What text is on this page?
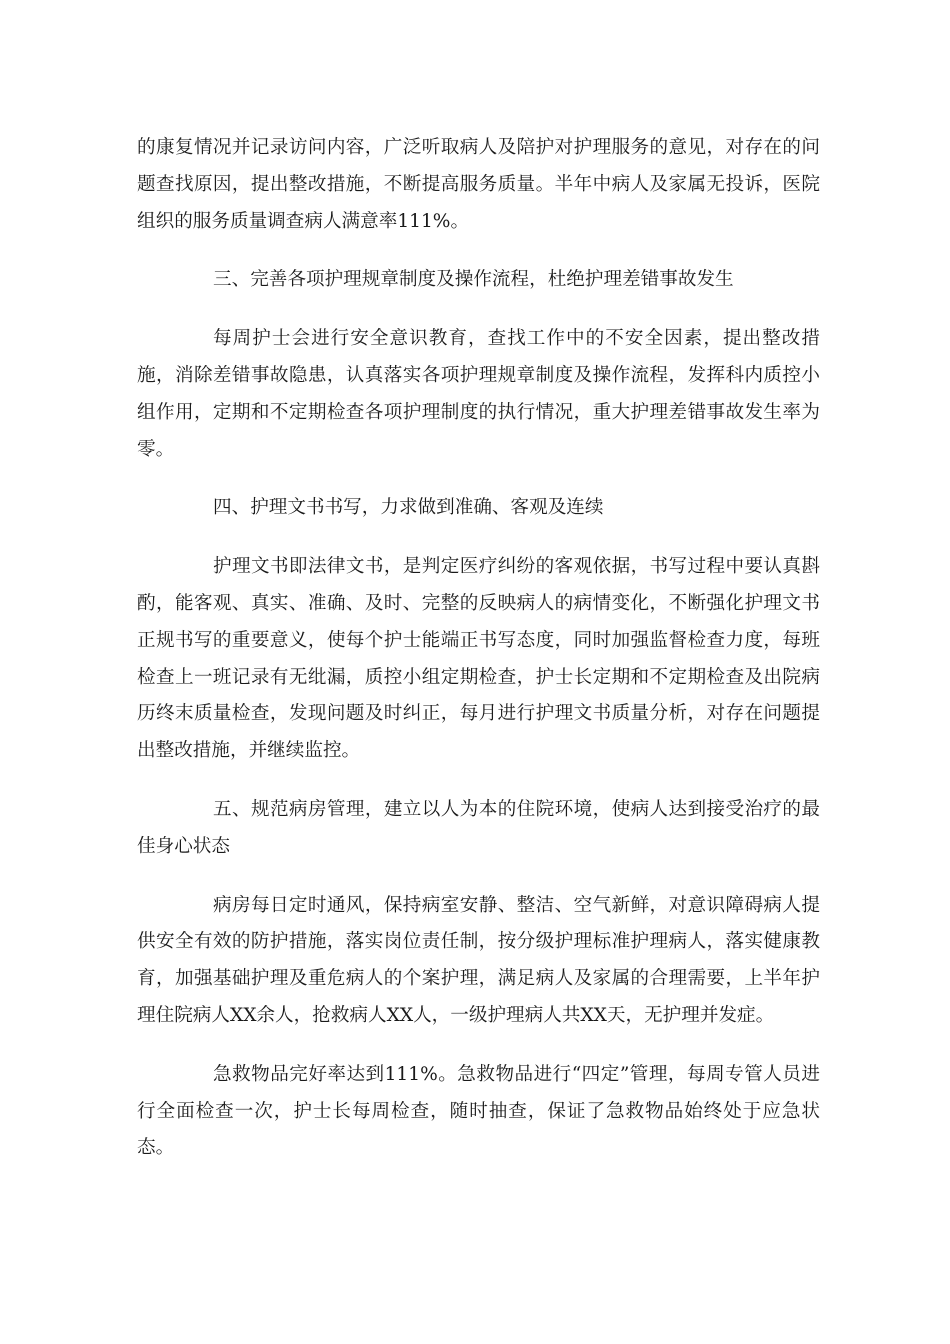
的康复情况并记录访问内容，广泛听取病人及陪护对护理服务的意见，对存在的问题查找原因，提出整改措施，不断提高服务质量。半年中病人及家属无投诉，医院组织的服务质量调查病人满意率111%。

三、完善各项护理规章制度及操作流程，杜绝护理差错事故发生

每周护士会进行安全意识教育，查找工作中的不安全因素，提出整改措施，消除差错事故隐患，认真落实各项护理规章制度及操作流程，发挥科内质控小组作用，定期和不定期检查各项护理制度的执行情况，重大护理差错事故发生率为零。

四、护理文书书写，力求做到准确、客观及连续

护理文书即法律文书，是判定医疗纠纷的客观依据，书写过程中要认真斟酌，能客观、真实、准确、及时、完整的反映病人的病情变化，不断强化护理文书正规书写的重要意义，使每个护士能端正书写态度，同时加强监督检查力度，每班检查上一班记录有无纰漏，质控小组定期检查，护士长定期和不定期检查及出院病历终末质量检查，发现问题及时纠正，每月进行护理文书质量分析，对存在问题提出整改措施，并继续监控。

五、规范病房管理，建立以人为本的住院环境，使病人达到接受治疗的最佳身心状态

病房每日定时通风，保持病室安静、整洁、空气新鲜，对意识障碍病人提供安全有效的防护措施，落实岗位责任制，按分级护理标准护理病人，落实健康教育，加强基础护理及重危病人的个案护理，满足病人及家属的合理需要，上半年护理住院病人XX余人，抢救病人XX人，一级护理病人共XX天，无护理并发症。

急救物品完好率达到111%。急救物品进行“四定”管理，每周专管人员进行全面检查一次，护士长每周检查，随时抽查，保证了急救物品始终处于应急状态。
